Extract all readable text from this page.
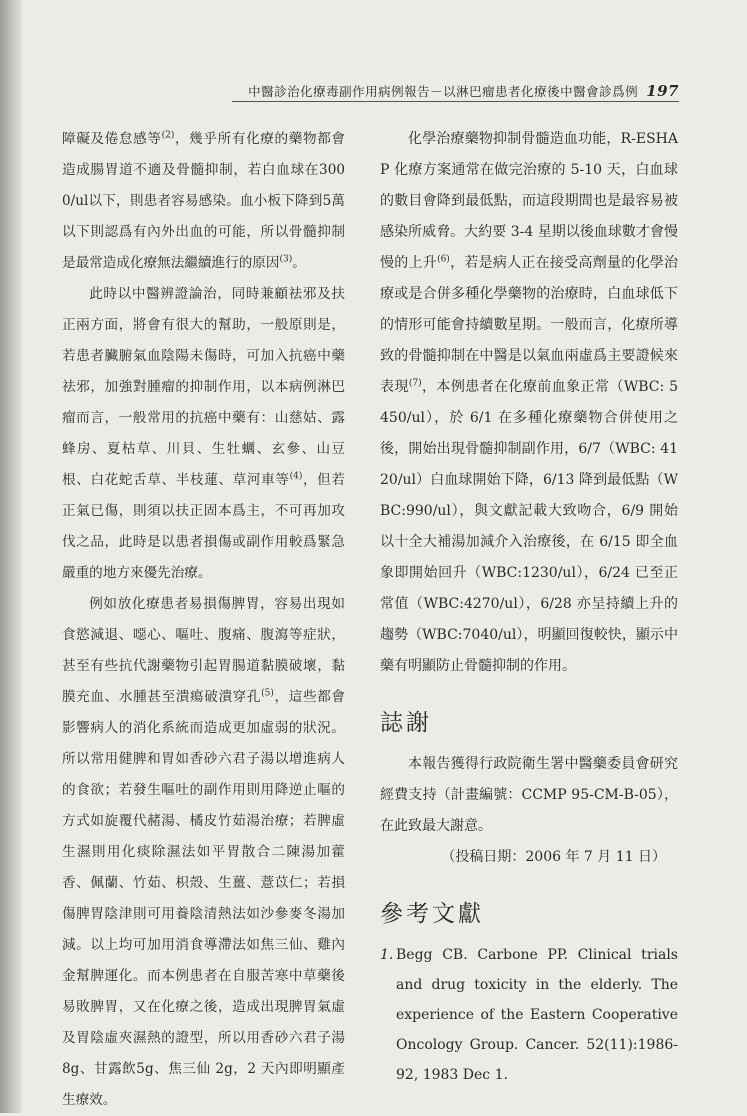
中醫診治化療毒副作用病例報告－以淋巴瘤患者化療後中醫會診爲例 197

障礙及倦怠感等$^{(2)}$，幾乎所有化療的藥物都會造成腸胃道不適及骨髓抑制，若白血球在3000/ul以下，則患者容易感染。血小板下降到5萬以下則認爲有內外出血的可能，所以骨髓抑制是最常造成化療無法繼續進行的原因$^{(3)}$。

此時以中醫辨證論治，同時兼顧祛邪及扶正兩方面，將會有很大的幫助，一般原則是，若患者臟腑氣血陰陽未傷時，可加入抗癌中藥祛邪，加強對腫瘤的抑制作用，以本病例淋巴瘤而言，一般常用的抗癌中藥有：山慈姑、露蜂房、夏枯草、川貝、生牡蠣、玄參、山豆根、白花蛇舌草、半枝蓮、草河車等$^{(4)}$，但若正氣已傷，則須以扶正固本爲主，不可再加攻伐之品，此時是以患者損傷或副作用較爲緊急嚴重的地方來優先治療。

例如放化療患者易損傷脾胃，容易出現如食慾減退、噁心、嘔吐、腹痛、腹瀉等症狀，甚至有些抗代謝藥物引起胃腸道黏膜破壞，黏膜充血、水腫甚至潰瘍破潰穿孔$^{(5)}$，這些都會影響病人的消化系統而造成更加虛弱的狀況。所以常用健脾和胃如香砂六君子湯以增進病人的食欲；若發生嘔吐的副作用則用降逆止嘔的方式如旋覆代赭湯、橘皮竹茹湯治療；若脾虛生濕則用化痰除濕法如平胃散合二陳湯加藿香、佩蘭、竹茹、枳殼、生薑、薏苡仁；若損傷脾胃陰津則可用養陰清熱法如沙參麥冬湯加減。以上均可加用消食導滯法如焦三仙、雞內金幫脾運化。而本例患者在自服苦寒中草藥後易敗脾胃，又在化療之後，造成出現脾胃氣虛及胃陰虛夾濕熱的證型，所以用香砂六君子湯 8g、甘露飲5g、焦三仙 2g，2 天內即明顯產生療效。

化學治療藥物抑制骨髓造血功能，R-ESHAP 化療方案通常在做完治療的 5-10 天，白血球的數目會降到最低點，而這段期間也是最容易被感染所威脅。大約要 3-4 星期以後血球數才會慢慢的上升$^{(6)}$，若是病人正在接受高劑量的化學治療或是合併多種化學藥物的治療時，白血球低下的情形可能會持續數星期。一般而言，化療所導致的骨髓抑制在中醫是以氣血兩虛爲主要證候來表現$^{(7)}$，本例患者在化療前血象正常（WBC: 5450/ul），於 6/1 在多種化療藥物合併使用之後，開始出現骨髓抑制副作用，6/7（WBC: 4120/ul）白血球開始下降，6/13 降到最低點（WBC:990/ul），與文獻記載大致吻合，6/9 開始以十全大補湯加減介入治療後，在 6/15 即全血象即開始回升（WBC:1230/ul），6/24 已至正常值（WBC:4270/ul），6/28 亦呈持續上升的趨勢（WBC:7040/ul），明顯回復較快，顯示中藥有明顯防止骨髓抑制的作用。

誌謝

本報告獲得行政院衛生署中醫藥委員會研究經費支持（計畫編號：CCMP 95-CM-B-05），在此致最大謝意。

（投稿日期：2006 年 7 月 11 日）
參考文獻
1. Begg CB. Carbone PP. Clinical trials and drug toxicity in the elderly. The experience of the Eastern Cooperative Oncology Group. Cancer. 52(11):1986-92, 1983 Dec 1.
